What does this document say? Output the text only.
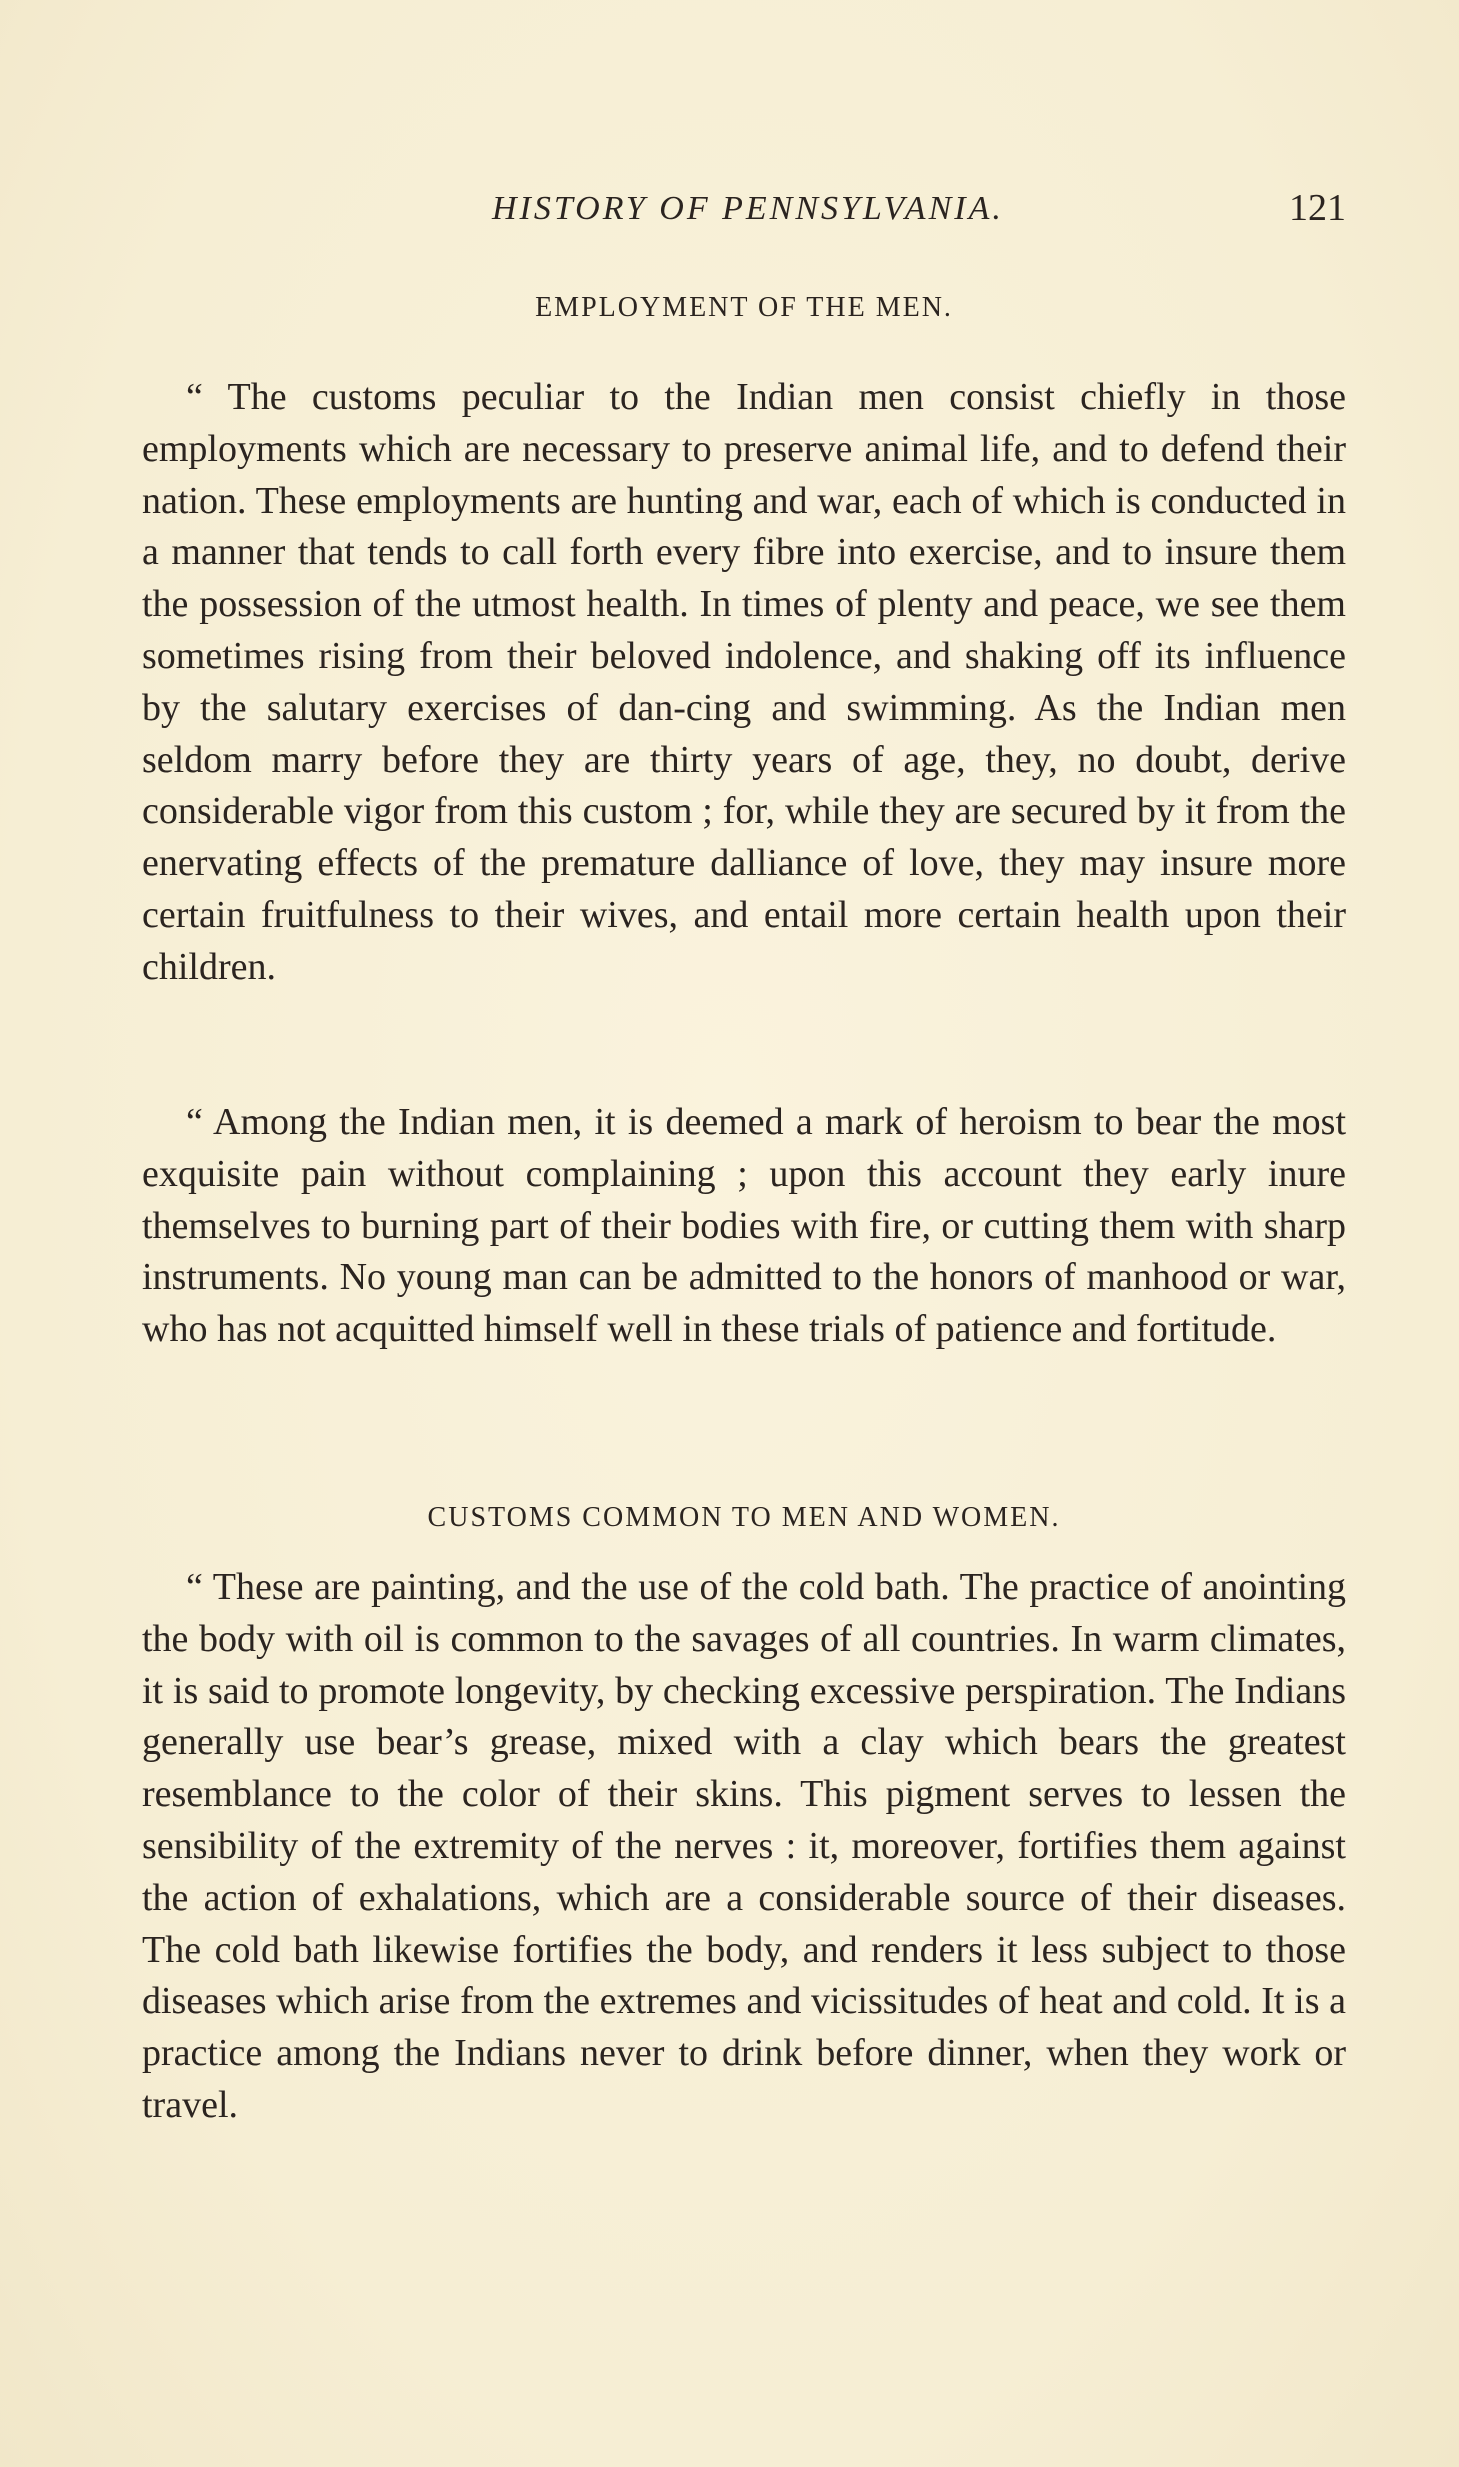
HISTORY OF PENNSYLVANIA.	121
EMPLOYMENT OF THE MEN.

“ The customs peculiar to the Indian men consist chiefly in those employments which are necessary to preserve animal life, and to defend their nation. These employments are hunting and war, each of which is conducted in a manner that tends to call forth every fibre into exercise, and to insure them the possession of the utmost health. In times of plenty and peace, we see them sometimes rising from their beloved indolence, and shaking off its influence by the salutary exercises of dan-cing and swimming. As the Indian men seldom marry before they are thirty years of age, they, no doubt, derive considerable vigor from this custom ; for, while they are secured by it from the enervating effects of the premature dalliance of love, they may insure more certain fruitfulness to their wives, and entail more certain health upon their children.

“ Among the Indian men, it is deemed a mark of heroism to bear the most exquisite pain without complaining ; upon this account they early inure themselves to burning part of their bodies with fire, or cutting them with sharp instruments. No young man can be admitted to the honors of manhood or war, who has not acquitted himself well in these trials of patience and fortitude.

CUSTOMS COMMON TO MEN AND WOMEN.

“ These are painting, and the use of the cold bath. The practice of anointing the body with oil is common to the savages of all countries. In warm climates, it is said to promote longevity, by checking excessive perspiration. The Indians generally use bear’s grease, mixed with a clay which bears the greatest resemblance to the color of their skins. This pigment serves to lessen the sensibility of the extremity of the nerves : it, moreover, fortifies them against the action of exhalations, which are a considerable source of their diseases. The cold bath likewise fortifies the body, and renders it less subject to those diseases which arise from the extremes and vicissitudes of heat and cold. It is a practice among the Indians never to drink before dinner, when they work or travel.
